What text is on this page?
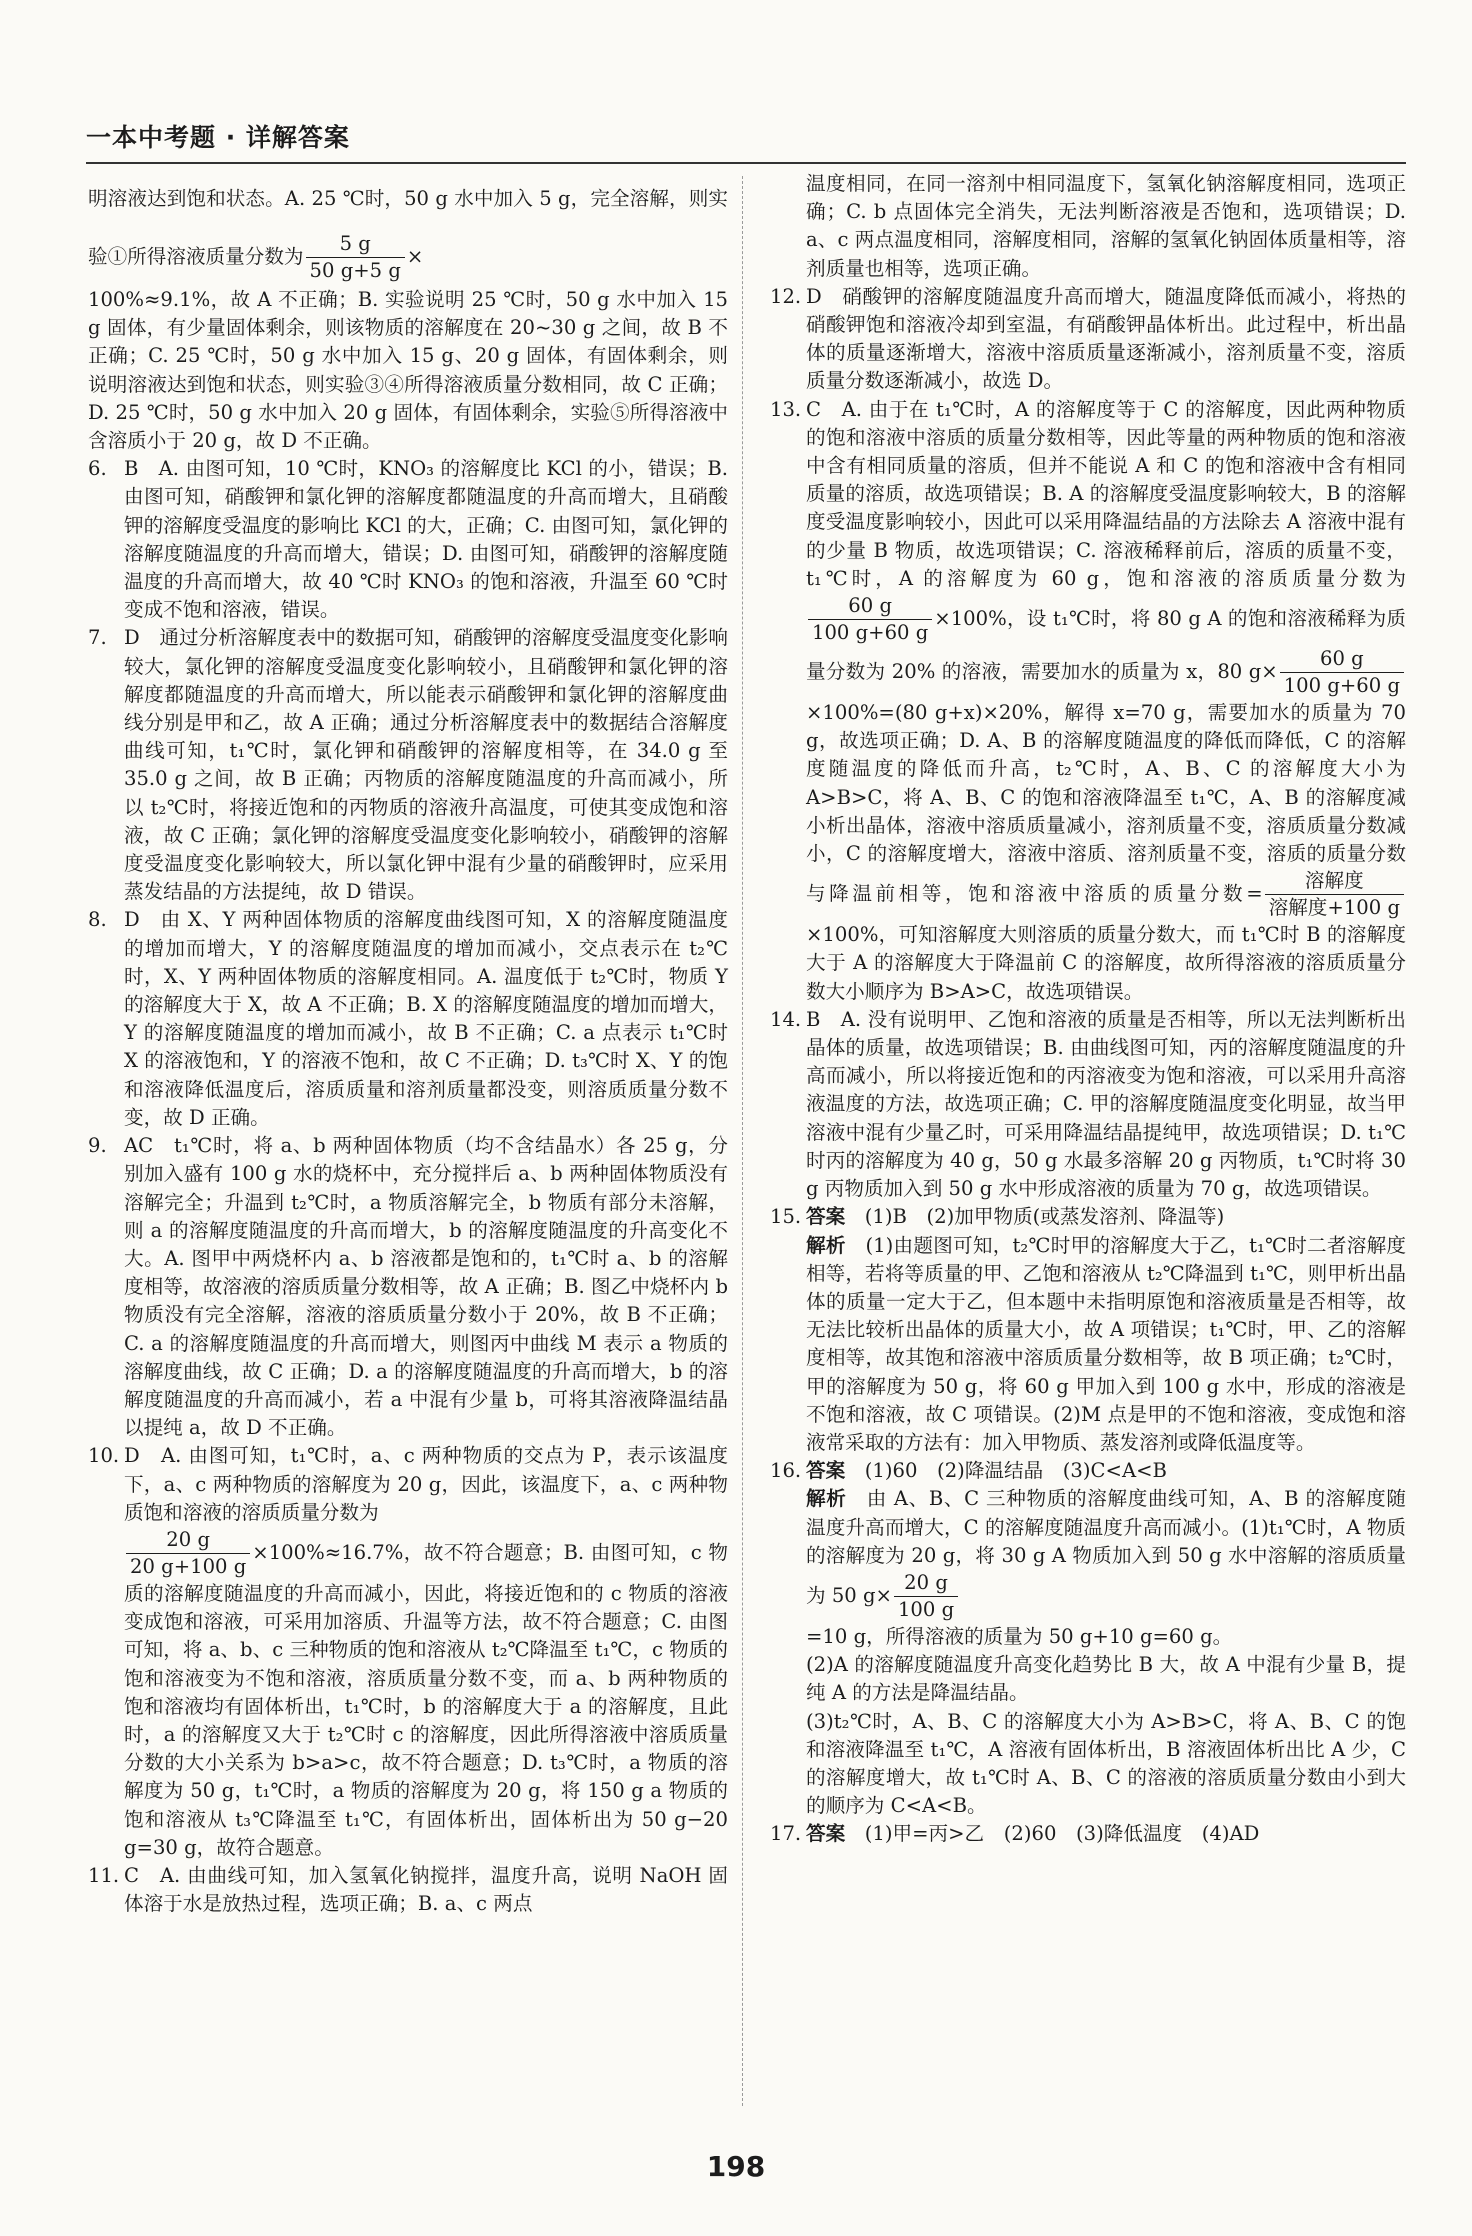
一本中考题 · 详解答案

明溶液达到饱和状态。A. 25 ℃时，50 g 水中加入 5 g，完全溶解，则实验①所得溶液质量分数为 $\frac{5 g}{50 g+5 g}$ ×

100%≈9.1%，故 A 不正确；B. 实验说明 25 ℃时，50 g 水中加入 15 g 固体，有少量固体剩余，则该物质的溶解度在 20~30 g 之间，故 B 不正确；C. 25 ℃时，50 g 水中加入 15 g、20 g 固体，有固体剩余，则说明溶液达到饱和状态，则实验③④所得溶液质量分数相同，故 C 正确；D. 25 ℃时，50 g 水中加入 20 g 固体，有固体剩余，实验⑤所得溶液中含溶质小于 20 g，故 D 不正确。

6. B　A. 由图可知，10 ℃时，KNO₃ 的溶解度比 KCl 的小，错误；B. 由图可知，硝酸钾和氯化钾的溶解度都随温度的升高而增大，且硝酸钾的溶解度受温度的影响比 KCl 的大，正确；C. 由图可知，氯化钾的溶解度随温度的升高而增大，错误；D. 由图可知，硝酸钾的溶解度随温度的升高而增大，故 40 ℃时 KNO₃ 的饱和溶液，升温至 60 ℃时变成不饱和溶液，错误。
7. D　通过分析溶解度表中的数据可知，硝酸钾的溶解度受温度变化影响较大，氯化钾的溶解度受温度变化影响较小，且硝酸钾和氯化钾的溶解度都随温度的升高而增大，所以能表示硝酸钾和氯化钾的溶解度曲线分别是甲和乙，故 A 正确；通过分析溶解度表中的数据结合溶解度曲线可知，t₁℃时，氯化钾和硝酸钾的溶解度相等，在 34.0 g 至 35.0 g 之间，故 B 正确；丙物质的溶解度随温度的升高而减小，所以 t₂℃时，将接近饱和的丙物质的溶液升高温度，可使其变成饱和溶液，故 C 正确；氯化钾的溶解度受温度变化影响较小，硝酸钾的溶解度受温度变化影响较大，所以氯化钾中混有少量的硝酸钾时，应采用蒸发结晶的方法提纯，故 D 错误。
8. D　由 X、Y 两种固体物质的溶解度曲线图可知，X 的溶解度随温度的增加而增大，Y 的溶解度随温度的增加而减小，交点表示在 t₂℃时，X、Y 两种固体物质的溶解度相同。A. 温度低于 t₂℃时，物质 Y 的溶解度大于 X，故 A 不正确；B. X 的溶解度随温度的增加而增大，Y 的溶解度随温度的增加而减小，故 B 不正确；C. a 点表示 t₁℃时 X 的溶液饱和，Y 的溶液不饱和，故 C 不正确；D. t₃℃时 X、Y 的饱和溶液降低温度后，溶质质量和溶剂质量都没变，则溶质质量分数不变，故 D 正确。
9. AC　t₁℃时，将 a、b 两种固体物质（均不含结晶水）各 25 g，分别加入盛有 100 g 水的烧杯中，充分搅拌后 a、b 两种固体物质没有溶解完全；升温到 t₂℃时，a 物质溶解完全，b 物质有部分未溶解，则 a 的溶解度随温度的升高而增大，b 的溶解度随温度的升高变化不大。A. 图甲中两烧杯内 a、b 溶液都是饱和的，t₁℃时 a、b 的溶解度相等，故溶液的溶质质量分数相等，故 A 正确；B. 图乙中烧杯内 b 物质没有完全溶解，溶液的溶质质量分数小于 20%，故 B 不正确；C. a 的溶解度随温度的升高而增大，则图丙中曲线 M 表示 a 物质的溶解度曲线，故 C 正确；D. a 的溶解度随温度的升高而增大，b 的溶解度随温度的升高而减小，若 a 中混有少量 b，可将其溶液降温结晶以提纯 a，故 D 不正确。
10. D　A. 由图可知，t₁℃时，a、c 两种物质的交点为 P，表示该温度下，a、c 两种物质的溶解度为 20 g，因此，该温度下，a、c 两种物质饱和溶液的溶质质量分数为

$\frac{20 g}{20 g+100 g} \times 100\%\approx 16.7\%$，故不符合题意；B. 由图可知，c 物质的溶解度随温度的升高而减小，因此，将接近饱和的 c 物质的溶液变成饱和溶液，可采用加溶质、升温等方法，故不符合题意；C. 由图可知，将 a、b、c 三种物质的饱和溶液从 t₂℃降温至 t₁℃，c 物质的饱和溶液变为不饱和溶液，溶质质量分数不变，而 a、b 两种物质的饱和溶液均有固体析出，t₁℃时，b 的溶解度大于 a 的溶解度，且此时，a 的溶解度又大于 t₂℃时 c 的溶解度，因此所得溶液中溶质质量分数的大小关系为 b>a>c，故不符合题意；D. t₃℃时，a 物质的溶解度为 50 g，t₁℃时，a 物质的溶解度为 20 g，将 150 g a 物质的饱和溶液从 t₃℃降温至 t₁℃，有固体析出，固体析出为 50 g−20 g=30 g，故符合题意。
11. C　A. 由曲线可知，加入氢氧化钠搅拌，温度升高，说明 NaOH 固体溶于水是放热过程，选项正确；B. a、c 两点

温度相同，在同一溶剂中相同温度下，氢氧化钠溶解度相同，选项正确；C. b 点固体完全消失，无法判断溶液是否饱和，选项错误；D. a、c 两点温度相同，溶解度相同，溶解的氢氧化钠固体质量相等，溶剂质量也相等，选项正确。

12. D　硝酸钾的溶解度随温度升高而增大，随温度降低而减小，将热的硝酸钾饱和溶液冷却到室温，有硝酸钾晶体析出。此过程中，析出晶体的质量逐渐增大，溶液中溶质质量逐渐减小，溶剂质量不变，溶质质量分数逐渐减小，故选 D。
13. C　A. 由于在 t₁℃时，A 的溶解度等于 C 的溶解度，因此两种物质的饱和溶液中溶质的质量分数相等，因此等量的两种物质的饱和溶液中含有相同质量的溶质，但并不能说 A 和 C 的饱和溶液中含有相同质量的溶质，故选项错误；B. A 的溶解度受温度影响较大，B 的溶解度受温度影响较小，因此可以采用降温结晶的方法除去 A 溶液中混有的少量 B 物质，故选项错误；C. 溶液稀释前后，溶质的质量不变，t₁℃时，A 的溶解度为 60 g，饱和溶液的溶质质量分数为
$\frac{60 g}{100 g+60 g} \times 100\%$，设 t₁℃时，将 80 g A 的饱和溶液稀释为质量分数为 20% 的溶液，需要加水的质量为 x，80 $g\times \frac{60 g}{100 g+60 g}$
×100%=(80 g+x)×20%，解得 x=70 g，需要加水的质量为 70 g，故选项正确；D. A、B 的溶解度随温度的降低而降低，C 的溶解度随温度的降低而升高，t₂℃时，A、B、C 的溶解度大小为 A>B>C，将 A、B、C 的饱和溶液降温至 t₁℃，A、B 的溶解度减小析出晶体，溶液中溶质质量减小，溶剂质量不变，溶质质量分数减小，C 的溶解度增大，溶液中溶质、溶剂质量不变，溶质的质量分数与降温前相等，饱和溶液中溶质的质量分数= $\frac{\text{溶解度}}{\text{溶解度+100 g}}$
×100%，可知溶解度大则溶质的质量分数大，而 t₁℃时 B 的溶解度大于 A 的溶解度大于降温前 C 的溶解度，故所得溶液的溶质质量分数大小顺序为 B>A>C，故选项错误。
14. B　A. 没有说明甲、乙饱和溶液的质量是否相等，所以无法判断析出晶体的质量，故选项错误；B. 由曲线图可知，丙的溶解度随温度的升高而减小，所以将接近饱和的丙溶液变为饱和溶液，可以采用升高溶液温度的方法，故选项正确；C. 甲的溶解度随温度变化明显，故当甲溶液中混有少量乙时，可采用降温结晶提纯甲，故选项错误；D. t₁℃时丙的溶解度为 40 g，50 g 水最多溶解 20 g 丙物质，t₁℃时将 30 g 丙物质加入到 50 g 水中形成溶液的质量为 70 g，故选项错误。
15. 答案　(1)B　(2)加甲物质(或蒸发溶剂、降温等)
解析　(1)由题图可知，t₂℃时甲的溶解度大于乙，t₁℃时二者溶解度相等，若将等质量的甲、乙饱和溶液从 t₂℃降温到 t₁℃，则甲析出晶体的质量一定大于乙，但本题中未指明原饱和溶液质量是否相等，故无法比较析出晶体的质量大小，故 A 项错误；t₁℃时，甲、乙的溶解度相等，故其饱和溶液中溶质质量分数相等，故 B 项正确；t₂℃时，甲的溶解度为 50 g，将 60 g 甲加入到 100 g 水中，形成的溶液是不饱和溶液，故 C 项错误。(2)M 点是甲的不饱和溶液，变成饱和溶液常采取的方法有：加入甲物质、蒸发溶剂或降低温度等。
16. 答案　(1)60　(2)降温结晶　(3)C<A<B
解析　由 A、B、C 三种物质的溶解度曲线可知，A、B 的溶解度随温度升高而增大，C 的溶解度随温度升高而减小。(1)t₁℃时，A 物质的溶解度为 20 g，将 30 g A 物质加入到 50 g 水中溶解的溶质质量为 50 $g\times \frac{20 g}{100 g}$

=10 g，所得溶液的质量为 50 g+10 g=60 g。
(2)A 的溶解度随温度升高变化趋势比 B 大，故 A 中混有少量 B，提纯 A 的方法是降温结晶。
(3)t₂℃时，A、B、C 的溶解度大小为 A>B>C，将 A、B、C 的饱和溶液降温至 t₁℃，A 溶液有固体析出，B 溶液固体析出比 A 少，C 的溶解度增大，故 t₁℃时 A、B、C 的溶液的溶质质量分数由小到大的顺序为 C<A<B。
17. 答案　(1)甲=丙>乙　(2)60　(3)降低温度　(4)AD
198
